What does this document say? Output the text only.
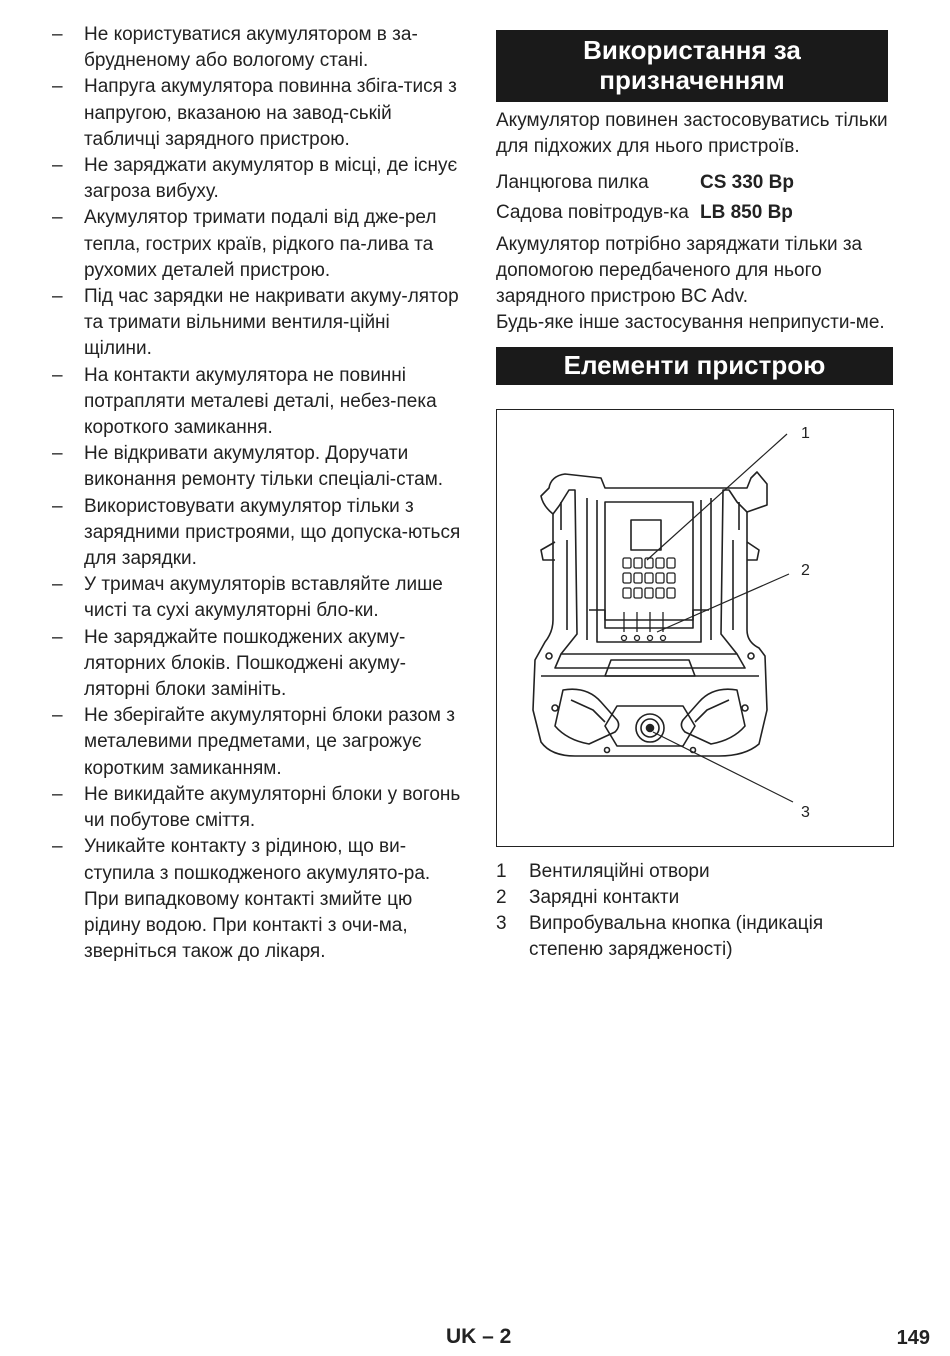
–	Не користуватися акумулятором в за-брудненому або вологому стані.
–	Напруга акумулятора повинна збіга-тися з напругою, вказаною на завод-ській табличці зарядного пристрою.
–	Не заряджати акумулятор в місці, де існує загроза вибуху.
–	Акумулятор тримати подалі від дже-рел тепла, гострих країв, рідкого па-лива та рухомих деталей пристрою.
–	Під час зарядки не накривати акуму-лятор та тримати вільними вентиля-ційні щілини.
–	На контакти акумулятора не повинні потрапляти металеві деталі, небез-пека короткого замикання.
–	Не відкривати акумулятор. Доручати виконання ремонту тільки спеціалі-стам.
–	Використовувати акумулятор тільки з зарядними пристроями, що допуска-ються для зарядки.
–	У тримач акумуляторів вставляйте лише чисті та сухі акумуляторні бло-ки.
–	Не заряджайте пошкоджених акуму-ляторних блоків. Пошкоджені акуму-ляторні блоки замініть.
–	Не зберігайте акумуляторні блоки разом з металевими предметами, це загрожує коротким замиканням.
–	Не викидайте акумуляторні блоки у вогонь чи побутове сміття.
–	Уникайте контакту з рідиною, що ви-ступила з пошкодженого акумулято-ра. При випадковому контакті змийте цю рідину водою. При контакті з очи-ма, зверніться також до лікаря.
Використання за призначенням

Акумулятор повинен застосовуватись тільки для підхожих для нього пристроїв.

Ланцюгова пилка	CS 330 Bp
Садова повітродув-ка LB 850 Bp

Акумулятор потрібно заряджати тільки за допомогою передбаченого для нього зарядного пристрою BC Adv.

Будь-яке інше застосування неприпусти-ме.

Елементи пристрою
1
2
3
1	Вентиляційні отвори
2	Зарядні контакти
3	Випробувальна кнопка (індикація степеню зарядженості)
UK – 2	149
